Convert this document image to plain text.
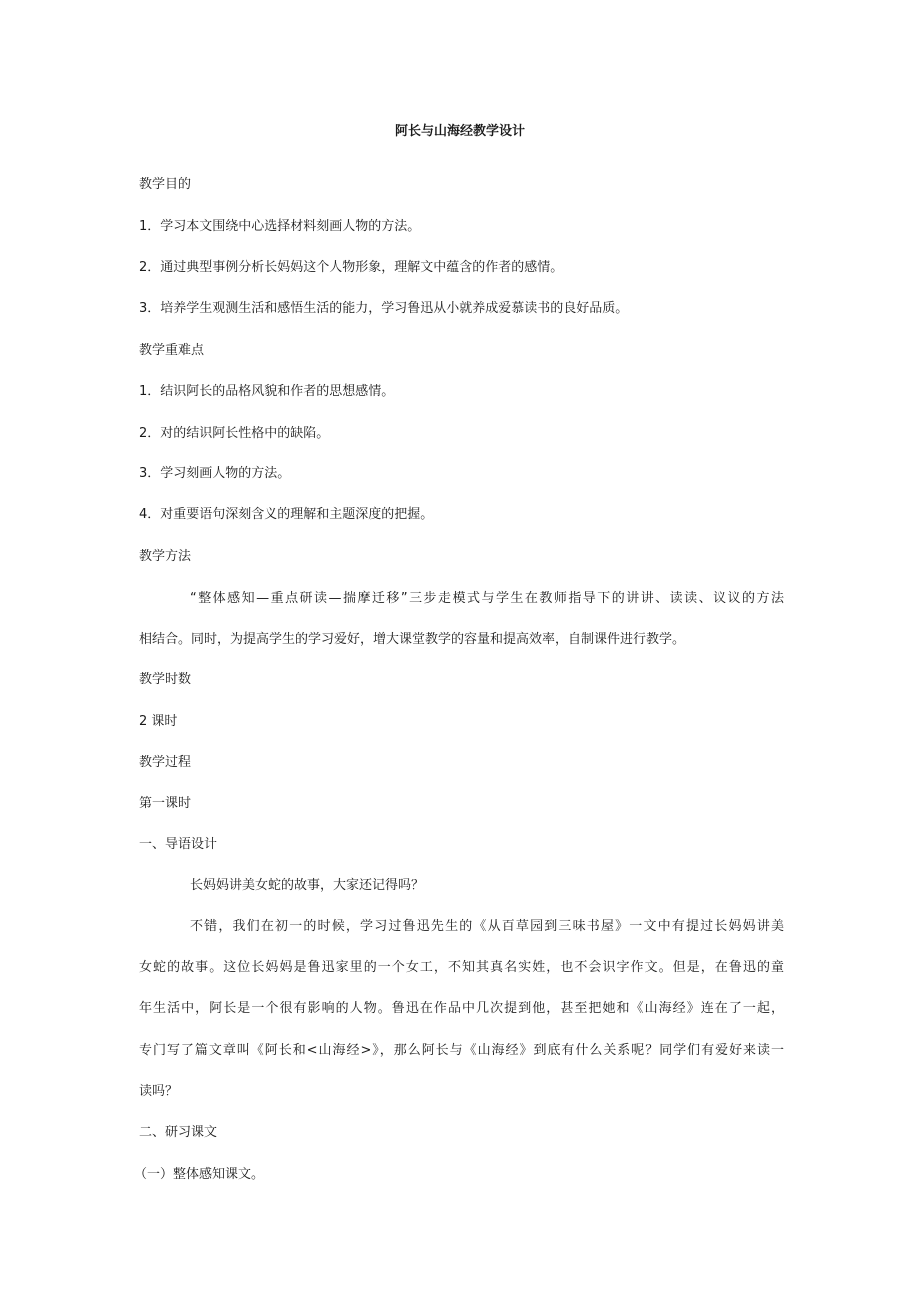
阿长与山海经教学设计

教学目的

1．学习本文围绕中心选择材料刻画人物的方法。

2．通过典型事例分析长妈妈这个人物形象，理解文中蕴含的作者的感情。

3．培养学生观测生活和感悟生活的能力，学习鲁迅从小就养成爱慕读书的良好品质。

教学重难点

1．结识阿长的品格风貌和作者的思想感情。

2．对的结识阿长性格中的缺陷。

3．学习刻画人物的方法。

4．对重要语句深刻含义的理解和主题深度的把握。

教学方法

“整体感知—重点研读—揣摩迁移”三步走模式与学生在教师指导下的讲讲、读读、议议的方法

相结合。同时，为提高学生的学习爱好，增大课堂教学的容量和提高效率，自制课件进行教学。

教学时数

2 课时

教学过程

第一课时

一、导语设计

长妈妈讲美女蛇的故事，大家还记得吗？

不错，我们在初一的时候，学习过鲁迅先生的《从百草园到三味书屋》一文中有提过长妈妈讲美

女蛇的故事。这位长妈妈是鲁迅家里的一个女工，不知其真名实姓，也不会识字作文。但是，在鲁迅的童

年生活中，阿长是一个很有影响的人物。鲁迅在作品中几次提到他，甚至把她和《山海经》连在了一起，

专门写了篇文章叫《阿长和<山海经>》，那么阿长与《山海经》到底有什么关系呢？同学们有爱好来读一

读吗？

二、研习课文

（一）整体感知课文。
